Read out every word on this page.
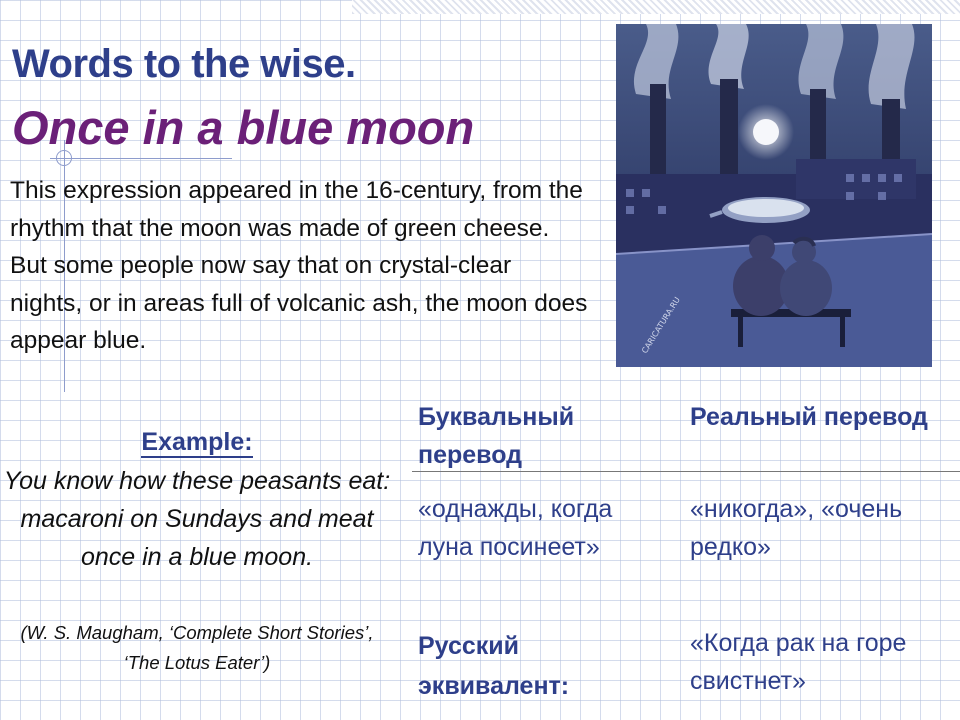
Words to the wise.
Once in a blue moon
This expression appeared in the 16-century, from the rhythm that the moon was made of green cheese. But some people now say that on crystal-clear nights, or in areas full of volcanic ash, the moon does appear blue.	CARICATURA.RU
Example:
You know how these peasants eat: macaroni on Sundays and meat once in a blue moon.
(W. S. Maugham, ‘Complete Short Stories’, ‘The Lotus Eater’)
Буквальный перевод
Реальный перевод
«однажды, когда луна посинеет»
«никогда», «очень редко»
Русский эквивалент:
«Когда рак на горе свистнет»
